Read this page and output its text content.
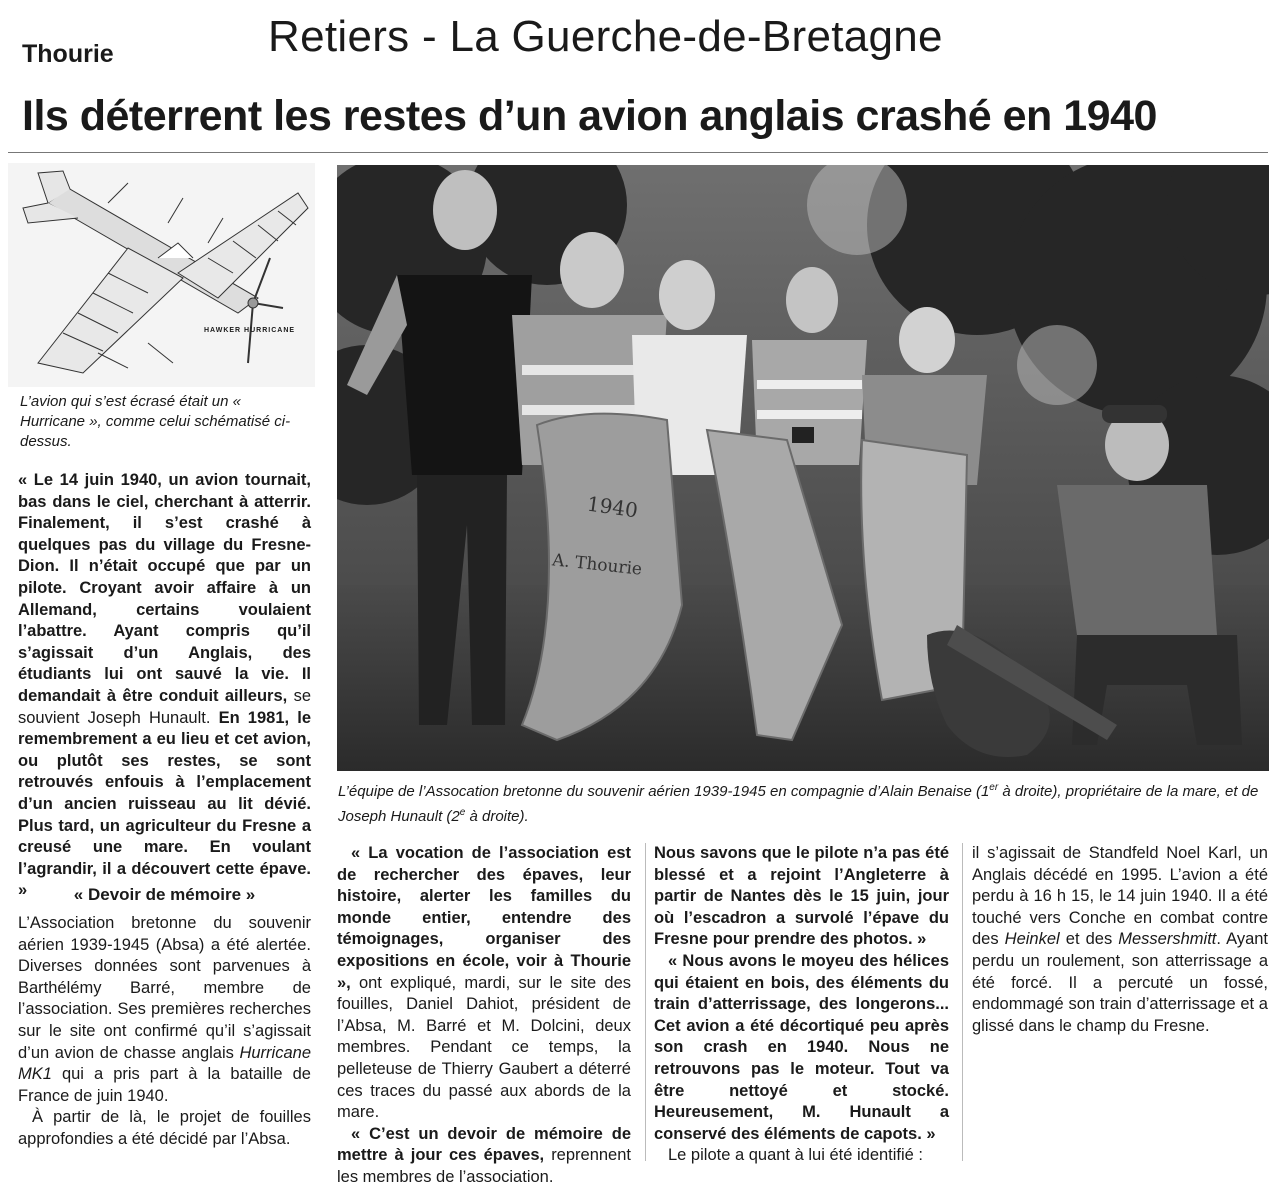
Thourie	Retiers - La Guerche-de-Bretagne
Ils déterrent les restes d’un avion anglais crashé en 1940
HAWKER HURRICANE
L’avion qui s’est écrasé était un « Hurricane », comme celui schématisé ci-dessus.
1940
A. Thourie
L’équipe de l’Assocation bretonne du souvenir aérien 1939-1945 en compagnie d’Alain Benaise (1er à droite), propriétaire de la mare, et de Joseph Hunault (2e à droite).

« Le 14 juin 1940, un avion tournait, bas dans le ciel, cherchant à atterrir. Finalement, il s’est crashé à quelques pas du village du Fresne-Dion. Il n’était occupé que par un pilote. Croyant avoir affaire à un Allemand, certains voulaient l’abattre. Ayant compris qu’il s’agissait d’un Anglais, des étudiants lui ont sauvé la vie. Il demandait à être conduit ailleurs, se souvient Joseph Hunault. En 1981, le remembrement a eu lieu et cet avion, ou plutôt ses restes, se sont retrouvés enfouis à l’emplacement d’un ancien ruisseau au lit dévié. Plus tard, un agriculteur du Fresne a creusé une mare. En voulant l’agrandir, il a découvert cette épave. »	« Devoir de mémoire »

L’Association bretonne du souvenir aérien 1939-1945 (Absa) a été alertée. Diverses données sont parvenues à Barthélémy Barré, membre de l’association. Ses premières recherches sur le site ont confirmé qu’il s’agissait d’un avion de chasse anglais Hurricane MK1 qui a pris part à la bataille de France de juin 1940.

À partir de là, le projet de fouilles approfondies a été décidé par l’Absa.

« La vocation de l’association est de rechercher des épaves, leur histoire, alerter les familles du monde entier, entendre des témoignages, organiser des expositions en école, voir à Thourie », ont expliqué, mardi, sur le site des fouilles, Daniel Dahiot, président de l’Absa, M. Barré et M. Dolcini, deux membres. Pendant ce temps, la pelleteuse de Thierry Gaubert a déterré ces traces du passé aux abords de la mare.

« C’est un devoir de mémoire de mettre à jour ces épaves, reprennent les membres de l’association.

Nous savons que le pilote n’a pas été blessé et a rejoint l’Angleterre à partir de Nantes dès le 15 juin, jour où l’escadron a survolé l’épave du Fresne pour prendre des photos. »

« Nous avons le moyeu des hélices qui étaient en bois, des éléments du train d’atterrissage, des longerons... Cet avion a été décortiqué peu après son crash en 1940. Nous ne retrouvons pas le moteur. Tout va être nettoyé et stocké. Heureusement, M. Hunault a conservé des éléments de capots. »

Le pilote a quant à lui été identifié :

il s’agissait de Standfeld Noel Karl, un Anglais décédé en 1995. L’avion a été perdu à 16 h 15, le 14 juin 1940. Il a été touché vers Conche en combat contre des Heinkel et des Messershmitt. Ayant perdu un roulement, son atterrissage a été forcé. Il a percuté un fossé, endommagé son train d’atterrissage et a glissé dans le champ du Fresne.
